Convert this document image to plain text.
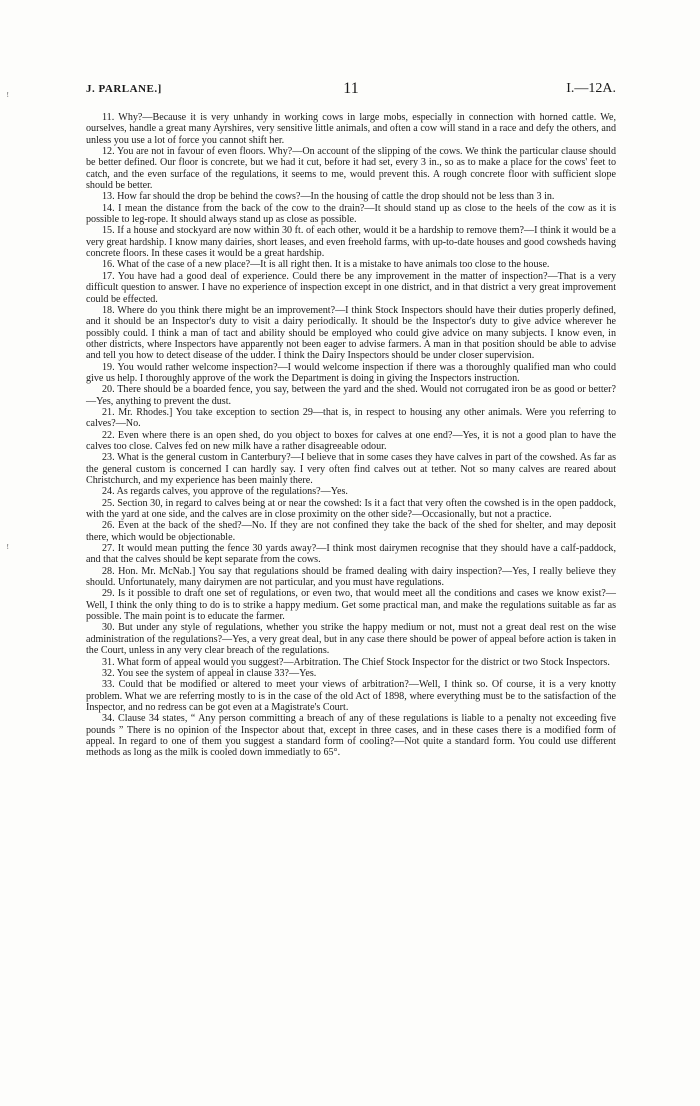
ꜝ
ꜝ
J. PARLANE.]	11	I.—12A.

11. Why?—Because it is very unhandy in working cows in large mobs, especially in connection with horned cattle. We, ourselves, handle a great many Ayrshires, very sensitive little animals, and often a cow will stand in a race and defy the others, and unless you use a lot of force you cannot shift her.

12. You are not in favour of even floors. Why?—On account of the slipping of the cows. We think the particular clause should be better defined. Our floor is concrete, but we had it cut, before it had set, every 3 in., so as to make a place for the cows' feet to catch, and the even surface of the regulations, it seems to me, would prevent this. A rough concrete floor with sufficient slope should be better.

13. How far should the drop be behind the cows?—In the housing of cattle the drop should not be less than 3 in.

14. I mean the distance from the back of the cow to the drain?—It should stand up as close to the heels of the cow as it is possible to leg-rope. It should always stand up as close as possible.

15. If a house and stockyard are now within 30 ft. of each other, would it be a hardship to remove them?—I think it would be a very great hardship. I know many dairies, short leases, and even freehold farms, with up-to-date houses and good cowsheds having concrete floors. In these cases it would be a great hardship.

16. What of the case of a new place?—It is all right then. It is a mistake to have animals too close to the house.

17. You have had a good deal of experience. Could there be any improvement in the matter of inspection?—That is a very difficult question to answer. I have no experience of inspection except in one district, and in that district a very great improvement could be effected.

18. Where do you think there might be an improvement?—I think Stock Inspectors should have their duties properly defined, and it should be an Inspector's duty to visit a dairy periodically. It should be the Inspector's duty to give advice wherever he possibly could. I think a man of tact and ability should be employed who could give advice on many subjects. I know even, in other districts, where Inspectors have apparently not been eager to advise farmers. A man in that position should be able to advise and tell you how to detect disease of the udder. I think the Dairy Inspectors should be under closer supervision.

19. You would rather welcome inspection?—I would welcome inspection if there was a thoroughly qualified man who could give us help. I thoroughly approve of the work the Department is doing in giving the Inspectors instruction.

20. There should be a boarded fence, you say, between the yard and the shed. Would not corrugated iron be as good or better?—Yes, anything to prevent the dust.

21. Mr. Rhodes.] You take exception to section 29—that is, in respect to housing any other animals. Were you referring to calves?—No.

22. Even where there is an open shed, do you object to boxes for calves at one end?—Yes, it is not a good plan to have the calves too close. Calves fed on new milk have a rather disagreeable odour.

23. What is the general custom in Canterbury?—I believe that in some cases they have calves in part of the cowshed. As far as the general custom is concerned I can hardly say. I very often find calves out at tether. Not so many calves are reared about Christchurch, and my experience has been mainly there.

24. As regards calves, you approve of the regulations?—Yes.

25. Section 30, in regard to calves being at or near the cowshed: Is it a fact that very often the cowshed is in the open paddock, with the yard at one side, and the calves are in close proximity on the other side?—Occasionally, but not a practice.

26. Even at the back of the shed?—No. If they are not confined they take the back of the shed for shelter, and may deposit there, which would be objectionable.

27. It would mean putting the fence 30 yards away?—I think most dairymen recognise that they should have a calf-paddock, and that the calves should be kept separate from the cows.

28. Hon. Mr. McNab.] You say that regulations should be framed dealing with dairy inspection?—Yes, I really believe they should. Unfortunately, many dairymen are not particular, and you must have regulations.

29. Is it possible to draft one set of regulations, or even two, that would meet all the conditions and cases we know exist?—Well, I think the only thing to do is to strike a happy medium. Get some practical man, and make the regulations suitable as far as possible. The main point is to educate the farmer.

30. But under any style of regulations, whether you strike the happy medium or not, must not a great deal rest on the wise administration of the regulations?—Yes, a very great deal, but in any case there should be power of appeal before action is taken in the Court, unless in any very clear breach of the regulations.

31. What form of appeal would you suggest?—Arbitration. The Chief Stock Inspector for the district or two Stock Inspectors.

32. You see the system of appeal in clause 33?—Yes.

33. Could that be modified or altered to meet your views of arbitration?—Well, I think so. Of course, it is a very knotty problem. What we are referring mostly to is in the case of the old Act of 1898, where everything must be to the satisfaction of the Inspector, and no redress can be got even at a Magistrate's Court.

34. Clause 34 states, “ Any person committing a breach of any of these regulations is liable to a penalty not exceeding five pounds ” There is no opinion of the Inspector about that, except in three cases, and in these cases there is a modified form of appeal. In regard to one of them you suggest a standard form of cooling?—Not quite a standard form. You could use different methods as long as the milk is cooled down immediatly to 65°.
